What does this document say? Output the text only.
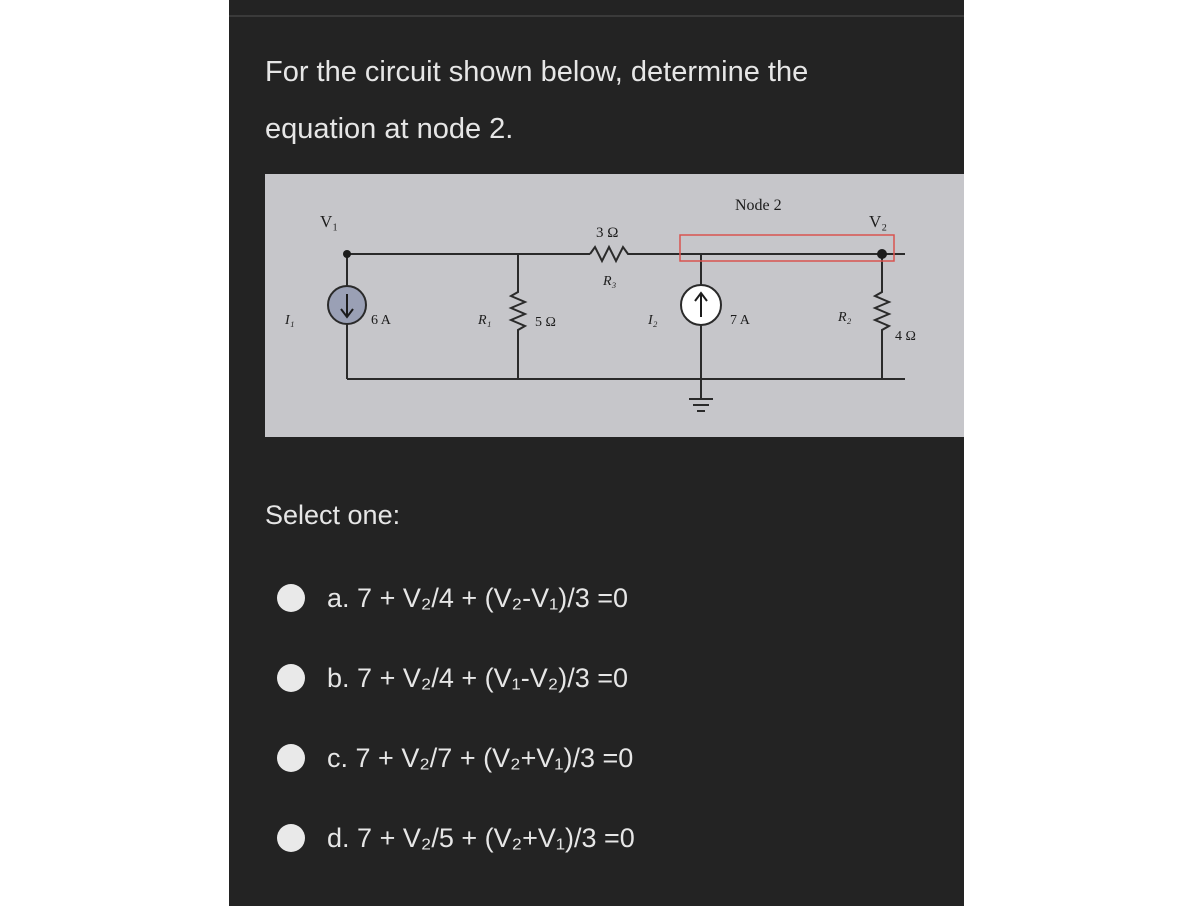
For the circuit shown below, determine the
equation at node 2.
V₁
Node 2
V₂
3 Ω
R₃
I₁	6 A	R₁	5 Ω	I₂	7 A	R₂
4 Ω
Select one:
a. 7 + V₂/4 + (V₂-V₁)/3 =0
b. 7 + V₂/4 + (V₁-V₂)/3 =0
c. 7 + V₂/7 + (V₂+V₁)/3 =0
d. 7 + V₂/5 + (V₂+V₁)/3 =0
